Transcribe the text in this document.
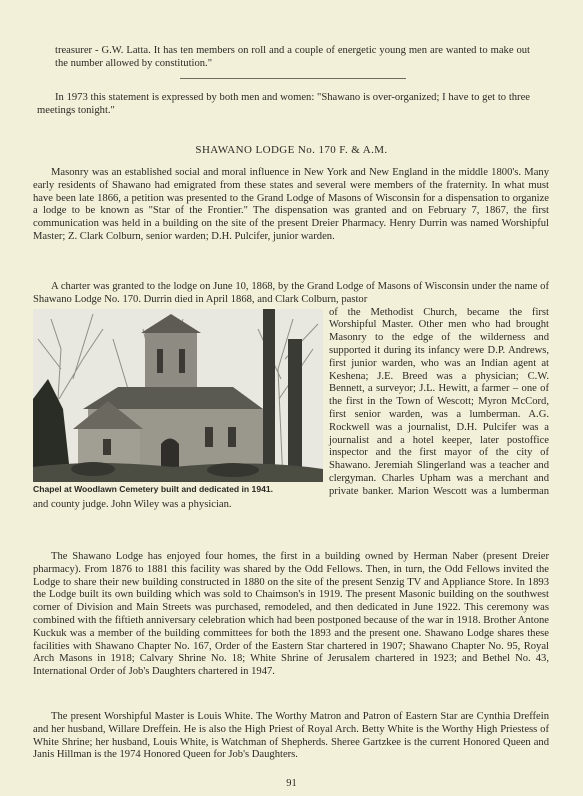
treasurer - G.W. Latta. It has ten members on roll and a couple of energetic young men are wanted to make out the number allowed by constitution."

In 1973 this statement is expressed by both men and women: "Shawano is over-organized; I have to get to three meetings tonight."

SHAWANO LODGE No. 170 F. & A.M.

Masonry was an established social and moral influence in New York and New England in the middle 1800's. Many early residents of Shawano had emigrated from these states and several were members of the fraternity. In what must have been late 1866, a petition was presented to the Grand Lodge of Masons of Wisconsin for a dispensation to organize a lodge to be known as "Star of the Frontier." The dispensation was granted and on February 7, 1867, the first communication was held in a building on the site of the present Dreier Pharmacy. Henry Durrin was named Worshipful Master; Z. Clark Colburn, senior warden; D.H. Pulcifer, junior warden.

A charter was granted to the lodge on June 10, 1868, by the Grand Lodge of Masons of Wisconsin under the name of Shawano Lodge No. 170. Durrin died in April 1868, and Clark Colburn, pastor

Chapel at Woodlawn Cemetery built and dedicated in 1941.

of the Methodist Church, became the first Worshipful Master. Other men who had brought Masonry to the edge of the wilderness and supported it during its infancy were D.P. Andrews, first junior warden, who was an Indian agent at Keshena; J.E. Breed was a physician; C.W. Bennett, a surveyor; J.L. Hewitt, a farmer – one of the first in the Town of Wescott; Myron McCord, first senior warden, was a lumberman. A.G. Rockwell was a journalist, D.H. Pulcifer was a journalist and a hotel keeper, later postoffice inspector and the first mayor of the city of Shawano. Jeremiah Slingerland was a teacher and clergyman. Charles Upham was a merchant and private banker. Marion Wescott was a lumberman and county judge. John Wiley was a physician.

The Shawano Lodge has enjoyed four homes, the first in a building owned by Herman Naber (present Dreier pharmacy). From 1876 to 1881 this facility was shared by the Odd Fellows. Then, in turn, the Odd Fellows invited the Lodge to share their new building constructed in 1880 on the site of the present Senzig TV and Appliance Store. In 1893 the Lodge built its own building which was sold to Chaimson's in 1919. The present Masonic building on the southwest corner of Division and Main Streets was purchased, remodeled, and then dedicated in June 1922. This ceremony was combined with the fiftieth anniversary celebration which had been postponed because of the war in 1918. Brother Antone Kuckuk was a member of the building committees for both the 1893 and the present one. Shawano Lodge shares these facilities with Shawano Chapter No. 167, Order of the Eastern Star chartered in 1907; Shawano Chapter No. 95, Royal Arch Masons in 1918; Calvary Shrine No. 18; White Shrine of Jerusalem chartered in 1923; and Bethel No. 43, International Order of Job's Daughters chartered in 1947.

The present Worshipful Master is Louis White. The Worthy Matron and Patron of Eastern Star are Cynthia Dreffein and her husband, Willare Dreffein. He is also the High Priest of Royal Arch. Betty White is the Worthy High Priestess of White Shrine; her husband, Louis White, is Watchman of Shepherds. Sheree Gartzkee is the current Honored Queen and Janis Hillman is the 1974 Honored Queen for Job's Daughters.

91
